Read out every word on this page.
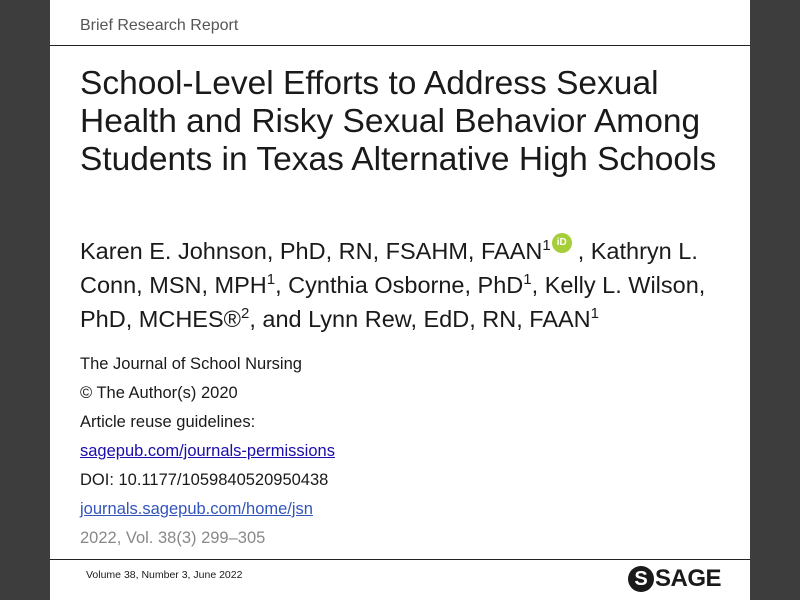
Brief Research Report
School-Level Efforts to Address Sexual Health and Risky Sexual Behavior Among Students in Texas Alternative High Schools
Karen E. Johnson, PhD, RN, FSAHM, FAAN$^1$ iD , Kathryn L. Conn, MSN, MPH$^1$, Cynthia Osborne, PhD$^1$, Kelly L. Wilson, PhD, MCHES®$^2$, and Lynn Rew, EdD, RN, FAAN$^1$
The Journal of School Nursing
© The Author(s) 2020
Article reuse guidelines:
sagepub.com/journals-permissions
DOI: 10.1177/1059840520950438
journals.sagepub.com/home/jsn
2022, Vol. 38(3) 299–305
Volume 38, Number 3, June 2022	S SAGE
